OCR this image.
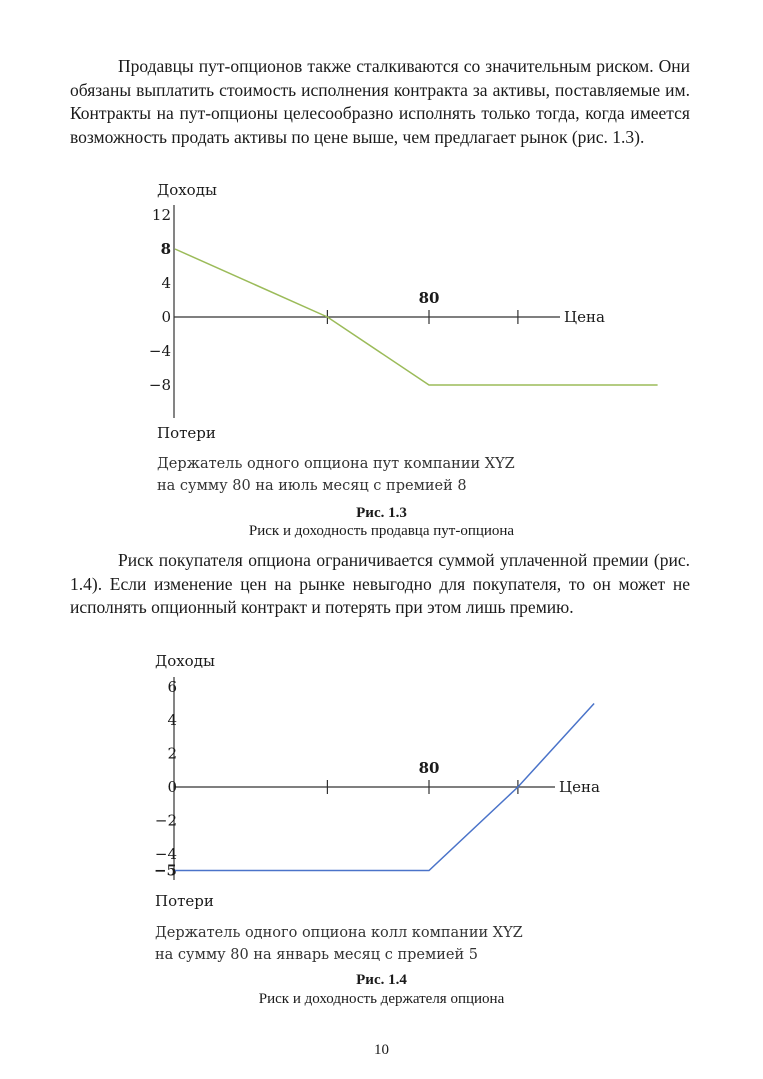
Продавцы пут-опционов также сталкиваются со значительным риском. Они обязаны выплатить стоимость исполнения контракта за активы, поставляемые им. Контракты на пут-опционы целесообразно исполнять только тогда, когда имеется возможность продать активы по цене выше, чем предлагает рынок (рис. 1.3).

Доходы
Потери
Цена
12
8
4
0
−4
−8
80
Держатель одного опциона пут компании XYZ
на сумму 80 на июль месяц с премией 8

Рис. 1.3

Риск и доходность продавца пут-опциона

Риск покупателя опциона ограничивается суммой уплаченной премии (рис. 1.4). Если изменение цен на рынке невыгодно для покупателя, то он может не исполнять опционный контракт и потерять при этом лишь премию.

Доходы
Потери
Цена
6
4
2
0
−2
−4
−5
80
Держатель одного опциона колл компании XYZ
на сумму 80 на январь месяц с премией 5

Рис. 1.4

Риск и доходность держателя опциона

10
